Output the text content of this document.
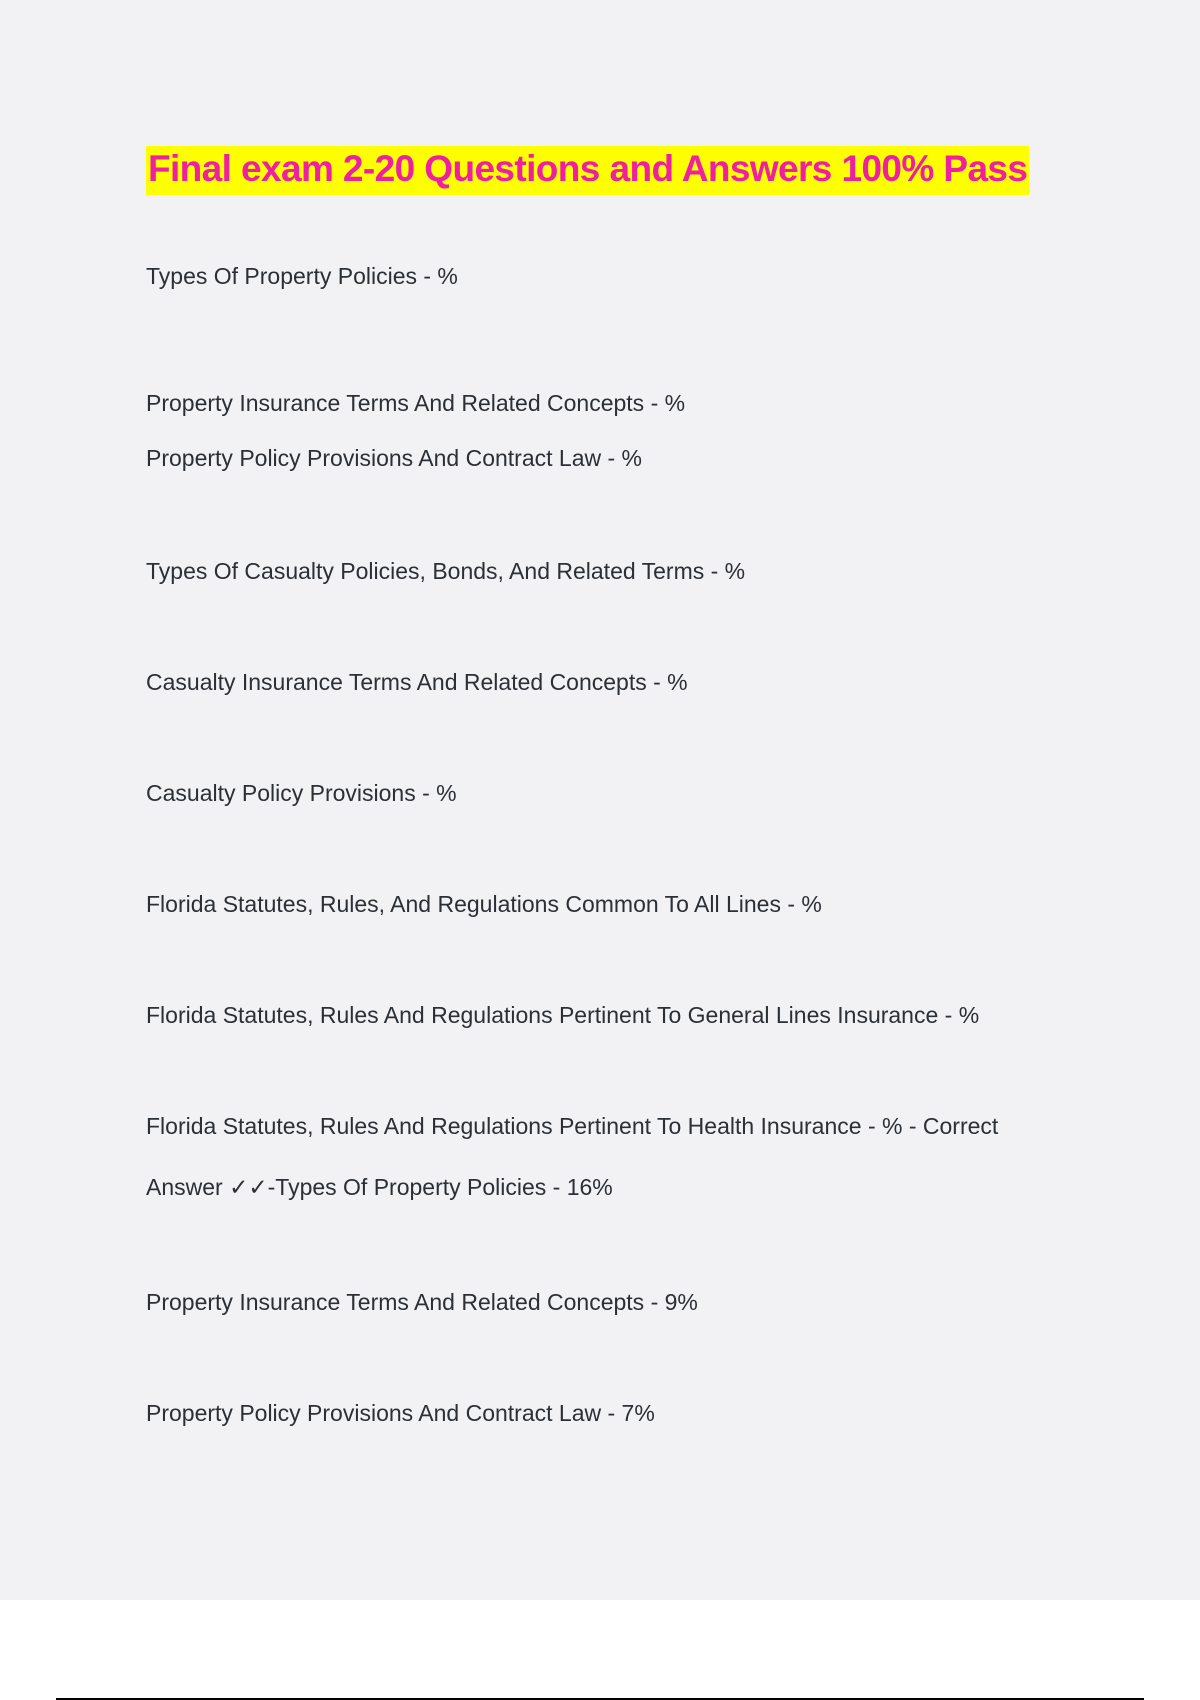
Final exam 2-20 Questions and Answers 100% Pass

Types Of Property Policies - %

Property Insurance Terms And Related Concepts - %

Property Policy Provisions And Contract Law - %

Types Of Casualty Policies, Bonds, And Related Terms - %

Casualty Insurance Terms And Related Concepts - %

Casualty Policy Provisions - %

Florida Statutes, Rules, And Regulations Common To All Lines - %

Florida Statutes, Rules And Regulations Pertinent To General Lines Insurance - %

Florida Statutes, Rules And Regulations Pertinent To Health Insurance - % - Correct

Answer ✓✓-Types Of Property Policies - 16%

Property Insurance Terms And Related Concepts - 9%

Property Policy Provisions And Contract Law - 7%
